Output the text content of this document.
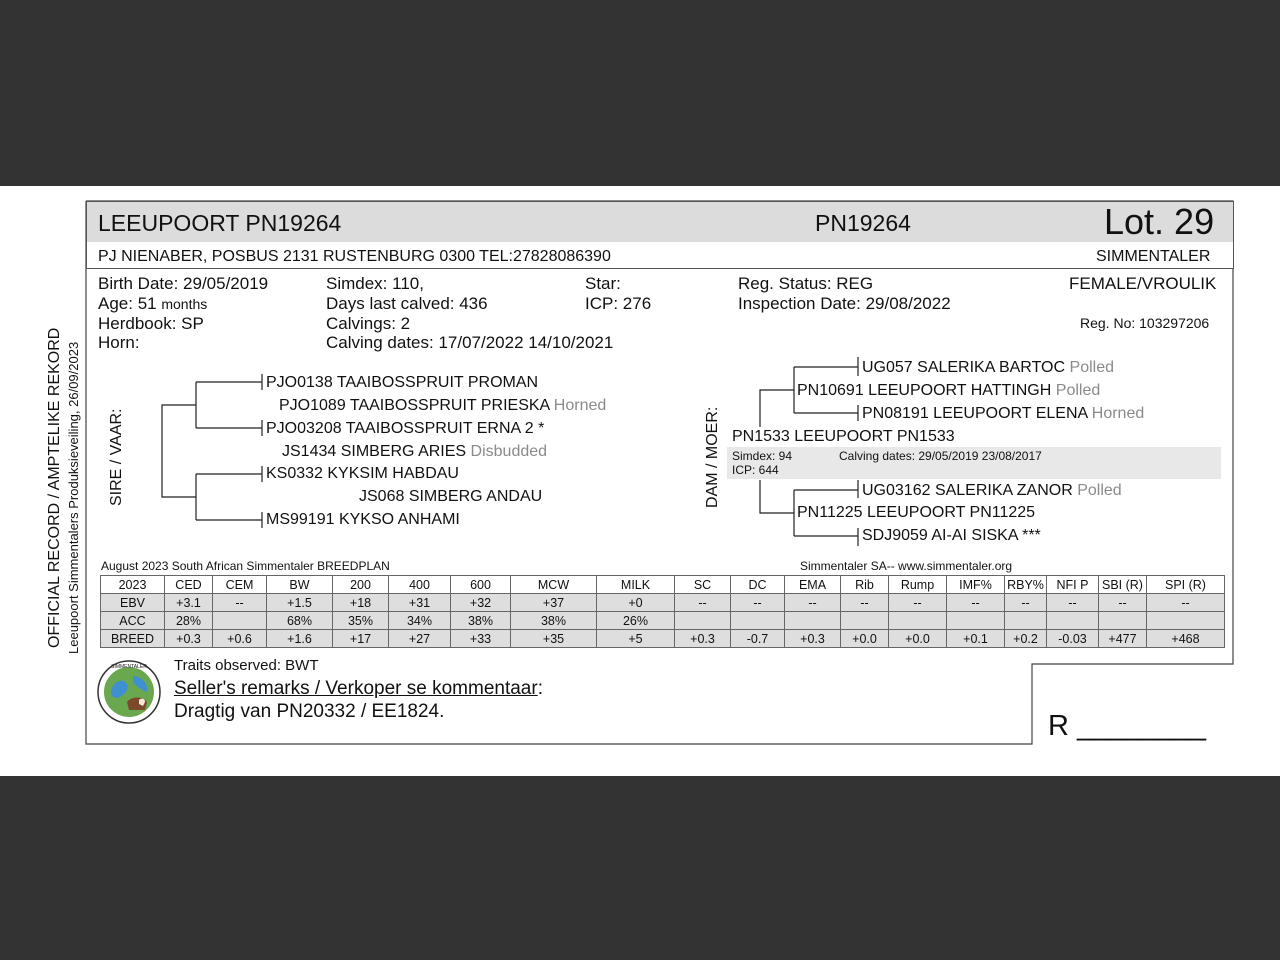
LEEUPOORT PN19264	PN19264	Lot. 29
PJ NIENABER, POSBUS 2131 RUSTENBURG 0300 TEL:27828086390	SIMMENTALER
Birth Date: 29/05/2019
Age: 51 months
Herdbook: SP
Horn:
Simdex: 110,
Days last calved: 436
Calvings: 2
Calving dates: 17/07/2022 14/10/2021
Star:
ICP: 276
Reg. Status: REG
Inspection Date: 29/08/2022
FEMALE/VROULIK
Reg. No: 103297206
OFFICIAL RECORD / AMPTELIKE REKORD Leeupoort Simmentalers Produksieveiling, 26/09/2023 SIRE / VAAR:
PJO0138 TAAIBOSSPRUIT PROMAN
PJO1089 TAAIBOSSPRUIT PRIESKA Horned
PJO03208 TAAIBOSSPRUIT ERNA 2 *
JS1434 SIMBERG ARIES Disbudded
KS0332 KYKSIM HABDAU
JS068 SIMBERG ANDAU
MS99191 KYKSO ANHAMI
DAM / MOER:
UG057 SALERIKA BARTOC Polled
PN10691 LEEUPOORT HATTINGH Polled
PN08191 LEEUPOORT ELENA Horned
PN1533 LEEUPOORT PN1533
Simdex: 94	Calving dates: 29/05/2019 23/08/2017
ICP: 644
UG03162 SALERIKA ZANOR Polled
PN11225 LEEUPOORT PN11225
SDJ9059 AI-AI SISKA ***
August 2023 South African Simmentaler BREEDPLAN	Simmentaler SA-- www.simmentaler.org
2023	CED	CEM	BW	200	400	600	MCW	MILK	SC	DC	EMA	Rib	Rump	IMF%	RBY%	NFI P	SBI (R)	SPI (R)
EBV	+3.1	--	+1.5	+18	+31	+32	+37	+0	--	--	--	--	--	--	--	--	--	--
ACC	28%		68%	35%	34%	38%	38%	26%										
BREED	+0.3	+0.6	+1.6	+17	+27	+33	+35	+5	+0.3	-0.7	+0.3	+0.0	+0.0	+0.1	+0.2	-0.03	+477	+468
SIMMENTALER Traits observed: BWT
Seller's remarks / Verkoper se kommentaar:
Dragtig van PN20332 / EE1824.	R ________
